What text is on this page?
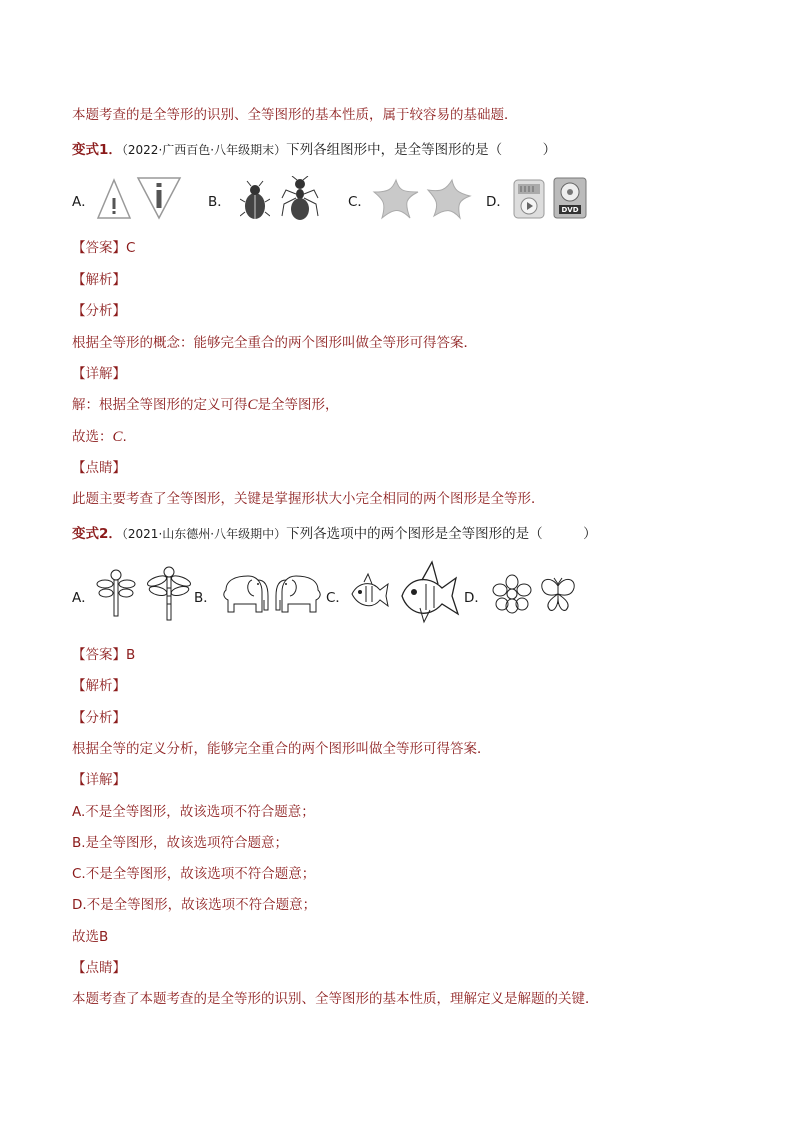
本题考查的是全等形的识别、全等图形的基本性质，属于较容易的基础题．
变式1．（2022·广西百色·八年级期末）下列各组图形中，是全等图形的是（　　　）
A．	B．	C．	D．	DVD
【答案】C
【解析】
【分析】
根据全等形的概念：能够完全重合的两个图形叫做全等形可得答案．
【详解】
解：根据全等图形的定义可得C是全等图形，
故选：C.
【点睛】
此题主要考查了全等图形，关键是掌握形状大小完全相同的两个图形是全等形．
变式2．（2021·山东德州·八年级期中）下列各选项中的两个图形是全等图形的是（　　　）
A．	B．	C．	D．
【答案】B
【解析】
【分析】
根据全等的定义分析，能够完全重合的两个图形叫做全等形可得答案．
【详解】
A.不是全等图形，故该选项不符合题意；
B.是全等图形，故该选项符合题意；
C.不是全等图形，故该选项不符合题意；
D.不是全等图形，故该选项不符合题意；
故选B
【点睛】
本题考查了本题考查的是全等形的识别、全等图形的基本性质，理解定义是解题的关键．
